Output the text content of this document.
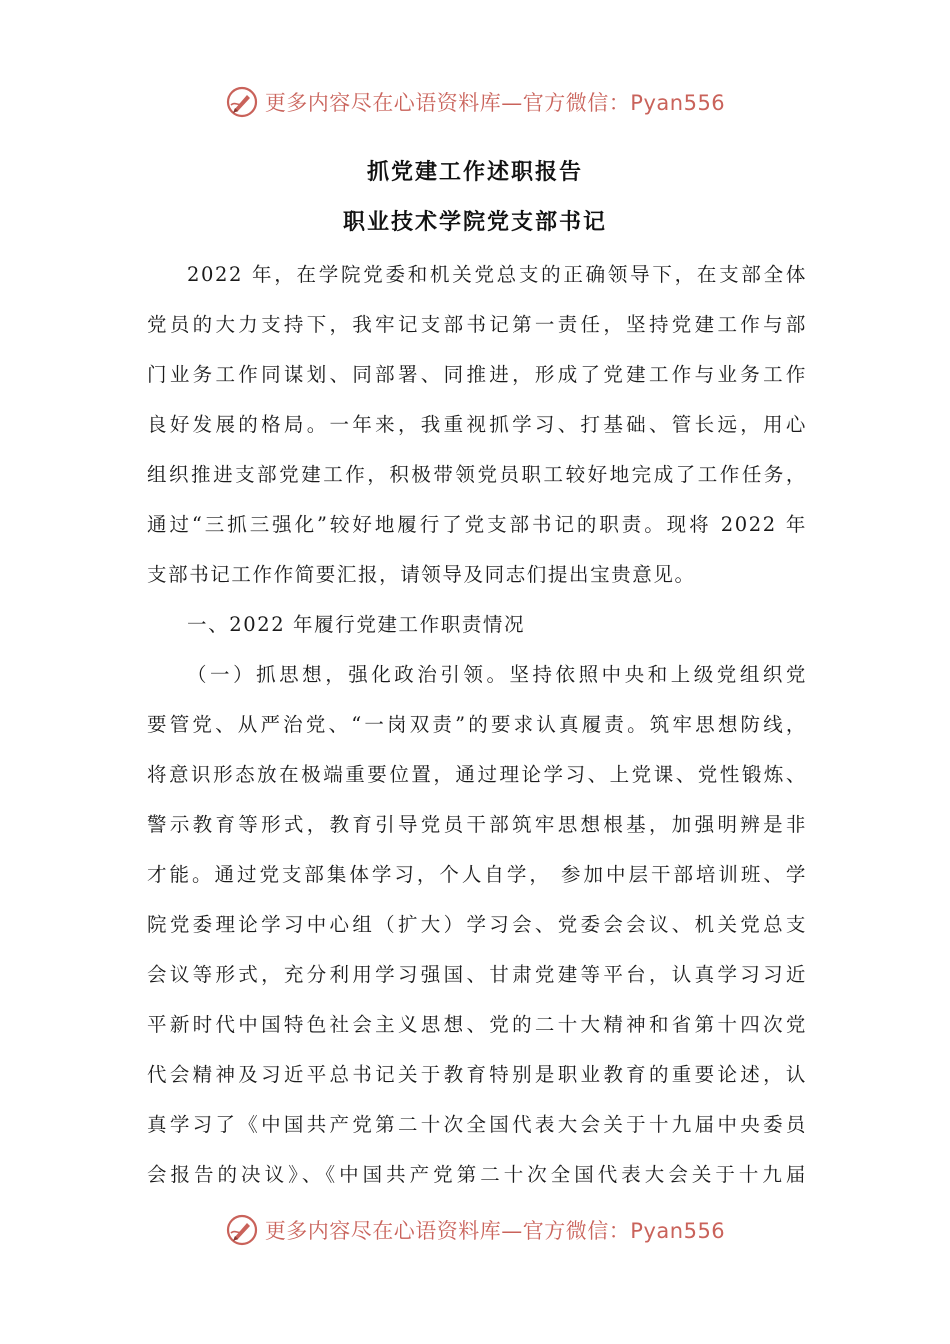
更多内容尽在心语资料库—官方微信：Pyan556
抓党建工作述职报告
职业技术学院党支部书记
2022 年，在学院党委和机关党总支的正确领导下，在支部全体
党员的大力支持下，我牢记支部书记第一责任，坚持党建工作与部
门业务工作同谋划、同部署、同推进，形成了党建工作与业务工作
良好发展的格局。一年来，我重视抓学习、打基础、管长远，用心
组织推进支部党建工作，积极带领党员职工较好地完成了工作任务，
通过“三抓三强化”较好地履行了党支部书记的职责。现将 2022 年
支部书记工作作简要汇报，请领导及同志们提出宝贵意见。
一、2022 年履行党建工作职责情况
（一）抓思想，强化政治引领。坚持依照中央和上级党组织党
要管党、从严治党、“一岗双责”的要求认真履责。筑牢思想防线，
将意识形态放在极端重要位置，通过理论学习、上党课、党性锻炼、
警示教育等形式，教育引导党员干部筑牢思想根基，加强明辨是非
才能。通过党支部集体学习，个人自学， 参加中层干部培训班、学
院党委理论学习中心组（扩大）学习会、党委会会议、机关党总支
会议等形式，充分利用学习强国、甘肃党建等平台，认真学习习近
平新时代中国特色社会主义思想、党的二十大精神和省第十四次党
代会精神及习近平总书记关于教育特别是职业教育的重要论述，认
真学习了《中国共产党第二十次全国代表大会关于十九届中央委员
会报告的决议》、《中国共产党第二十次全国代表大会关于十九届
更多内容尽在心语资料库—官方微信：Pyan556
